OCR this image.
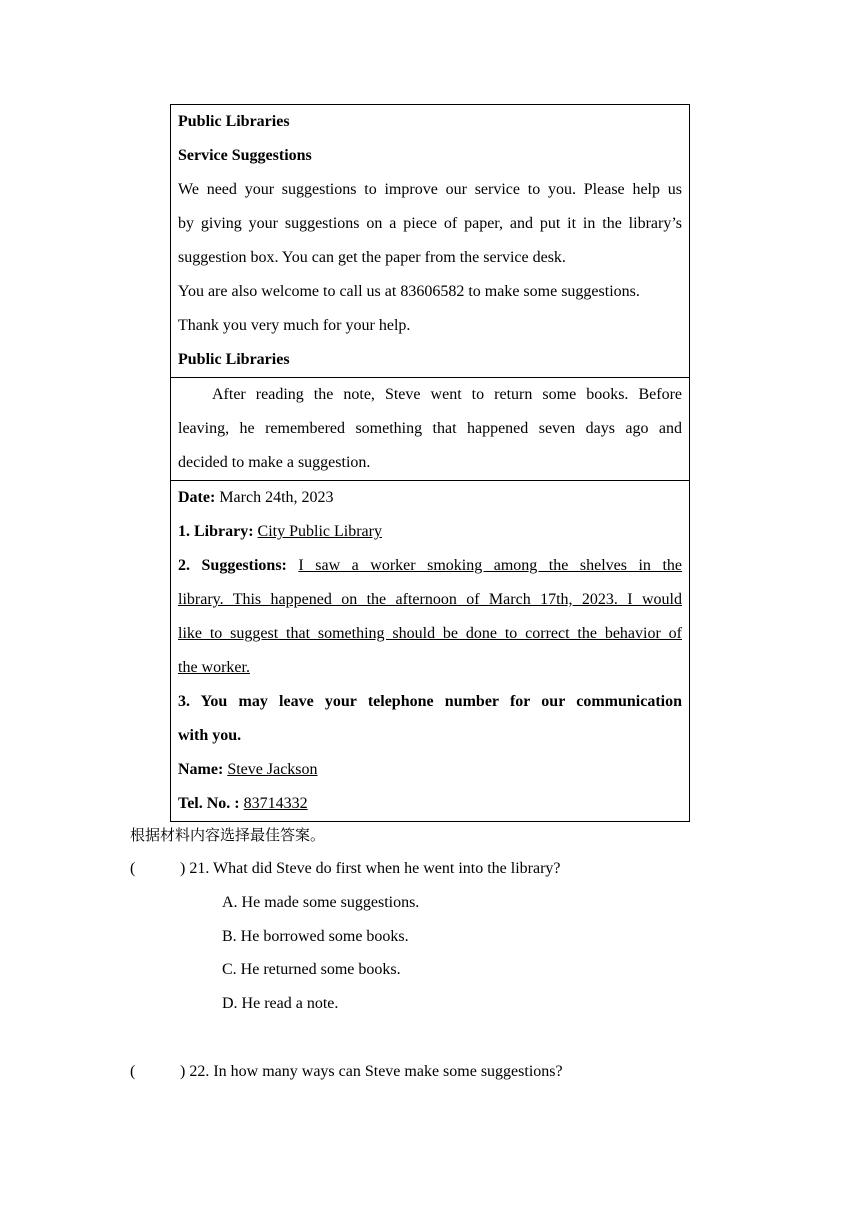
Public Libraries
Service Suggestions
We need your suggestions to improve our service to you. Please help us
by giving your suggestions on a piece of paper, and put it in the library’s
suggestion box. You can get the paper from the service desk.
You are also welcome to call us at 83606582 to make some suggestions.
Thank you very much for your help.
Public Libraries
After reading the note, Steve went to return some books. Before
leaving, he remembered something that happened seven days ago and
decided to make a suggestion.
Date: March 24th, 2023
1. Library: City Public Library
2. Suggestions: I saw a worker smoking among the shelves in the
library. This happened on the afternoon of March 17th, 2023. I would
like to suggest that something should be done to correct the behavior of
the worker.
3. You may leave your telephone number for our communication
with you.
Name: Steve Jackson
Tel. No. : 83714332
根据材料内容选择最佳答案。
(	) 21. What did Steve do first when he went into the library?
A. He made some suggestions.
B. He borrowed some books.
C. He returned some books.
D. He read a note.
(	) 22. In how many ways can Steve make some suggestions?
